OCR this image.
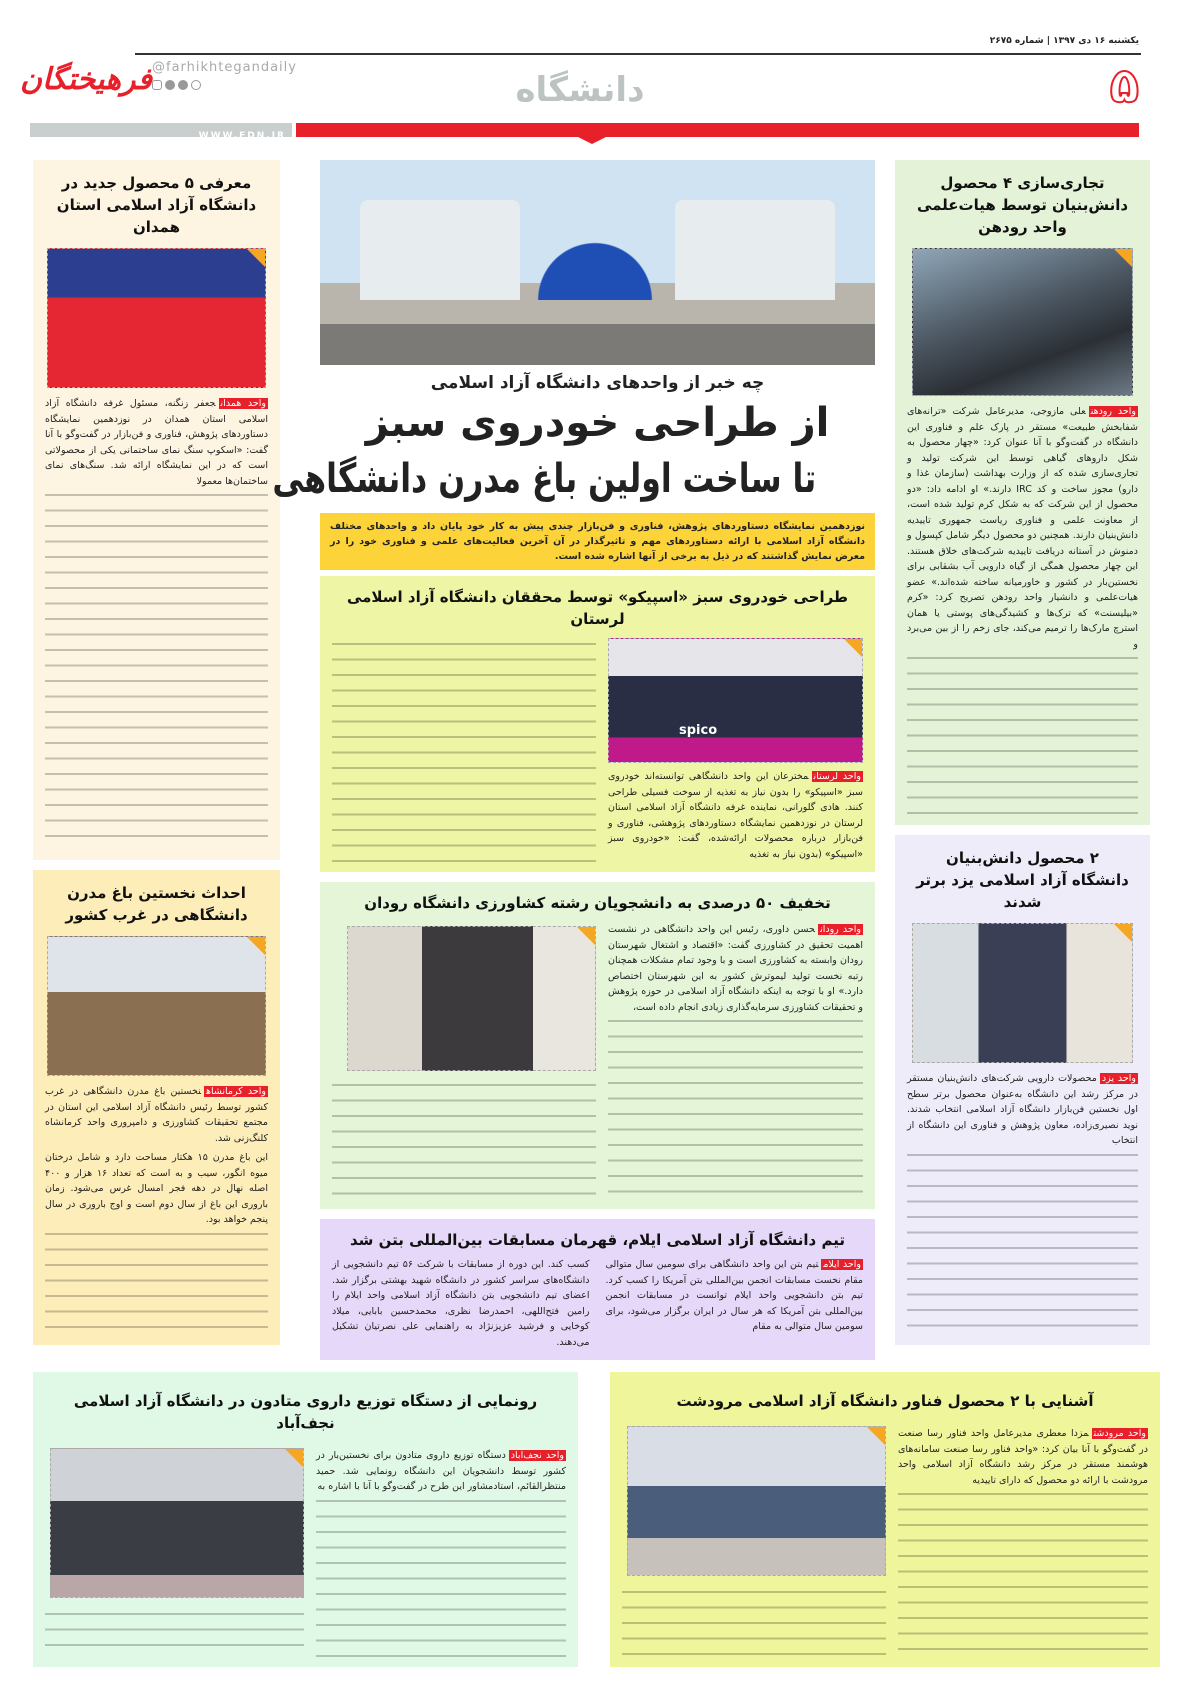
یکشنبه ۱۶ دی ۱۳۹۷ | شماره ۲۶۷۵
فرهیختگان @farhikhtegandaily
دانشگاه	۵
WWW.FDN.IR
تجاری‌سازی ۴ محصول دانش‌بنیان توسط هیات‌علمی واحد رودهن
واحد رودهنعلی مازوجی، مدیرعامل شرکت «ترانه‌های شفابخش طبیعت» مستقر در پارک علم و فناوری این دانشگاه در گفت‌وگو با آنا عنوان کرد: «چهار محصول به شکل داروهای گیاهی توسط این شرکت تولید و تجاری‌سازی شده که از وزارت بهداشت (سازمان غذا و دارو) مجوز ساخت و کد IRC دارند.» او ادامه داد: «دو محصول از این شرکت که به شکل کرم تولید شده است، از معاونت علمی و فناوری ریاست جمهوری تاییدیه دانش‌بنیان دارند. همچنین دو محصول دیگر شامل کپسول و دمنوش در آستانه دریافت تاییدیه شرکت‌های خلاق هستند. این چهار محصول همگی از گیاه دارویی آب بشقابی برای نخستین‌بار در کشور و خاورمیانه ساخته شده‌اند.» عضو هیات‌علمی و دانشیار واحد رودهن تصریح کرد: «کرم «بیلیسنت» که ترک‌ها و کشیدگی‌های پوستی یا همان استرچ مارک‌ها را ترمیم می‌کند، جای زخم را از بین می‌برد و
۲ محصول دانش‌بنیان دانشگاه آزاد اسلامی یزد برتر شدند
واحد یزدمحصولات دارویی شرکت‌های دانش‌بنیان مستقر در مرکز رشد این دانشگاه به‌عنوان محصول برتر سطح اول نخستین فن‌بازار دانشگاه آزاد اسلامی انتخاب شدند. نوید نصیری‌زاده، معاون پژوهش و فناوری این دانشگاه از انتخاب
معرفی ۵ محصول جدید در دانشگاه آزاد اسلامی استان همدان
واحد همدانجعفر زنگنه، مسئول غرفه دانشگاه آزاد اسلامی استان همدان در نوزدهمین نمایشگاه دستاوردهای پژوهش، فناوری و فن‌بازار در گفت‌وگو با آنا گفت: «اسکوپ سنگ نمای ساختمانی یکی از محصولاتی است که در این نمایشگاه ارائه شد. سنگ‌های نمای ساختمان‌ها معمولا
احداث نخستین باغ مدرن دانشگاهی در غرب کشور
واحد کرمانشاهنخستین باغ مدرن دانشگاهی در غرب کشور توسط رئیس دانشگاه آزاد اسلامی این استان در مجتمع تحقیقات کشاورزی و دامپروری واحد کرمانشاه کلنگ‌زنی شد.
این باغ مدرن ۱۵ هکتار مساحت دارد و شامل درختان میوه انگور، سیب و به است که تعداد ۱۶ هزار و ۴۰۰ اصله نهال در دهه فجر امسال غرس می‌شود. زمان باروری این باغ از سال دوم است و اوج باروری در سال پنجم خواهد بود.
چه خبر از واحدهای دانشگاه آزاد اسلامی
از طراحی خودروی سبز
تا ساخت اولین باغ مدرن دانشگاهی
نوزدهمین نمایشگاه دستاوردهای پژوهش، فناوری و فن‌بازار چندی پیش به کار خود پایان داد و واحدهای مختلف دانشگاه آزاد اسلامی با ارائه دستاوردهای مهم و تاثیرگذار در آن آخرین فعالیت‌های علمی و فناوری خود را در معرض نمایش گذاشتند که در ذیل به برخی از آنها اشاره شده است.
طراحی خودروی سبز «اسپیکو» توسط محققان دانشگاه آزاد اسلامی لرستان
spico
واحد لرستانمخترعان این واحد دانشگاهی توانسته‌اند خودروی سبز «اسپیکو» را بدون نیاز به تغذیه از سوخت فسیلی طراحی کنند. هادی گلورانی، نماینده غرفه دانشگاه آزاد اسلامی استان لرستان در نوزدهمین نمایشگاه دستاوردهای پژوهشی، فناوری و فن‌بازار درباره محصولات ارائه‌شده، گفت: «خودروی سبز «اسپیکو» (بدون نیاز به تغذیه
تخفیف ۵۰ درصدی به دانشجویان رشته کشاورزی دانشگاه رودان
واحد رودانحسن داوری، رئیس این واحد دانشگاهی در نشست اهمیت تحقیق در کشاورزی گفت: «اقتصاد و اشتغال شهرستان رودان وابسته به کشاورزی است و با وجود تمام مشکلات همچنان رتبه نخست تولید لیموترش کشور به این شهرستان اختصاص دارد.» او با توجه به اینکه دانشگاه آزاد اسلامی در حوزه پژوهش و تحقیقات کشاورزی سرمایه‌گذاری زیادی انجام داده است،
تیم دانشگاه آزاد اسلامی ایلام، قهرمان مسابقات بین‌المللی بتن شد
واحد ایلامتیم بتن این واحد دانشگاهی برای سومین سال متوالی مقام نخست مسابقات انجمن بین‌المللی بتن آمریکا را کسب کرد. تیم بتن دانشجویی واحد ایلام توانست در مسابقات انجمن بین‌المللی بتن آمریکا که هر سال در ایران برگزار می‌شود، برای سومین سال متوالی به مقام
کسب کند. این دوره از مسابقات با شرکت ۵۶ تیم دانشجویی از دانشگاه‌های سراسر کشور در دانشگاه شهید بهشتی برگزار شد. اعضای تیم دانشجویی بتن دانشگاه آزاد اسلامی واحد ایلام را رامین فتح‌اللهی، احمدرضا نظری، محمدحسین بابایی، میلاد کوخایی و فرشید عزیزنژاد به راهنمایی علی نصرتیان تشکیل می‌دهند.
آشنایی با ۲ محصول فناور دانشگاه آزاد اسلامی مرودشت
واحد مرودشتمزدا معطری مدیرعامل واحد فناور رسا صنعت در گفت‌وگو با آنا بیان کرد: «واحد فناور رسا صنعت سامانه‌های هوشمند مستقر در مرکز رشد دانشگاه آزاد اسلامی واحد مرودشت با ارائه دو محصول که دارای تاییدیه
رونمایی از دستگاه توزیع داروی متادون در دانشگاه آزاد اسلامی نجف‌آباد
واحد نجف‌آباددستگاه توزیع داروی متادون برای نخستین‌بار در کشور توسط دانشجویان این دانشگاه رونمایی شد. حمید منتظرالقائم، استادمشاور این طرح در گفت‌وگو با آنا با اشاره به
